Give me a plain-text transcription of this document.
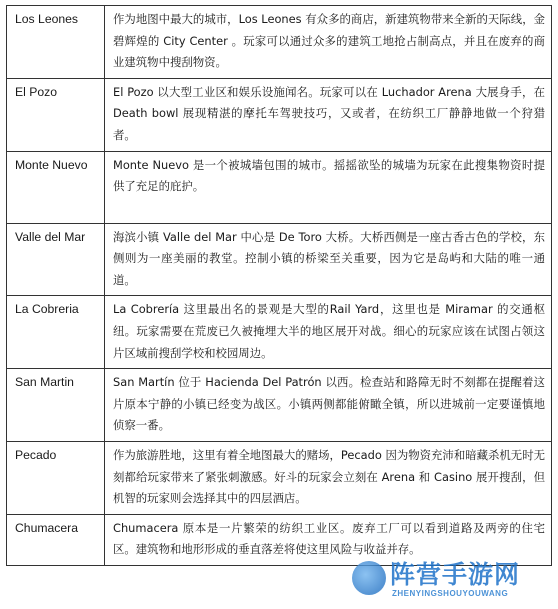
Los Leones	作为地图中最大的城市，Los Leones 有众多的商店，新建筑物带来全新的天际线，金碧辉煌的 City Center 。玩家可以通过众多的建筑工地抢占制高点，并且在废弃的商业建筑物中搜刮物资。
El Pozo	El Pozo 以大型工业区和娱乐设施闻名。玩家可以在 Luchador Arena 大展身手，在Death bowl 展现精湛的摩托车驾驶技巧，又或者，在纺织工厂静静地做一个狩猎者。
Monte Nuevo	Monte Nuevo 是一个被城墙包围的城市。摇摇欲坠的城墙为玩家在此搜集物资时提供了充足的庇护。
Valle del Mar	海滨小镇 Valle del Mar 中心是 De Toro 大桥。大桥西侧是一座古香古色的学校，东侧则为一座美丽的教堂。控制小镇的桥梁至关重要，因为它是岛屿和大陆的唯一通道。
La Cobreria	La Cobrería 这里最出名的景观是大型的Rail Yard，这里也是 Miramar 的交通枢纽。玩家需要在荒废已久被掩埋大半的地区展开对战。细心的玩家应该在试图占领这片区域前搜刮学校和校园周边。
San Martin	San Martín 位于 Hacienda Del Patrón 以西。检查站和路障无时不刻都在提醒着这片原本宁静的小镇已经变为战区。小镇两侧都能俯瞰全镇，所以进城前一定要谨慎地侦察一番。
Pecado	作为旅游胜地，这里有着全地图最大的赌场，Pecado 因为物资充沛和暗藏杀机无时无刻都给玩家带来了紧张刺激感。好斗的玩家会立刻在 Arena 和 Casino 展开搜刮，但机智的玩家则会选择其中的四层酒店。
Chumacera	Chumacera 原本是一片繁荣的纺织工业区。废弃工厂可以看到道路及两旁的住宅区。建筑物和地形形成的垂直落差将使这里风险与收益并存。
阵营手游网
ZHENYINGSHOUYOUWANG
